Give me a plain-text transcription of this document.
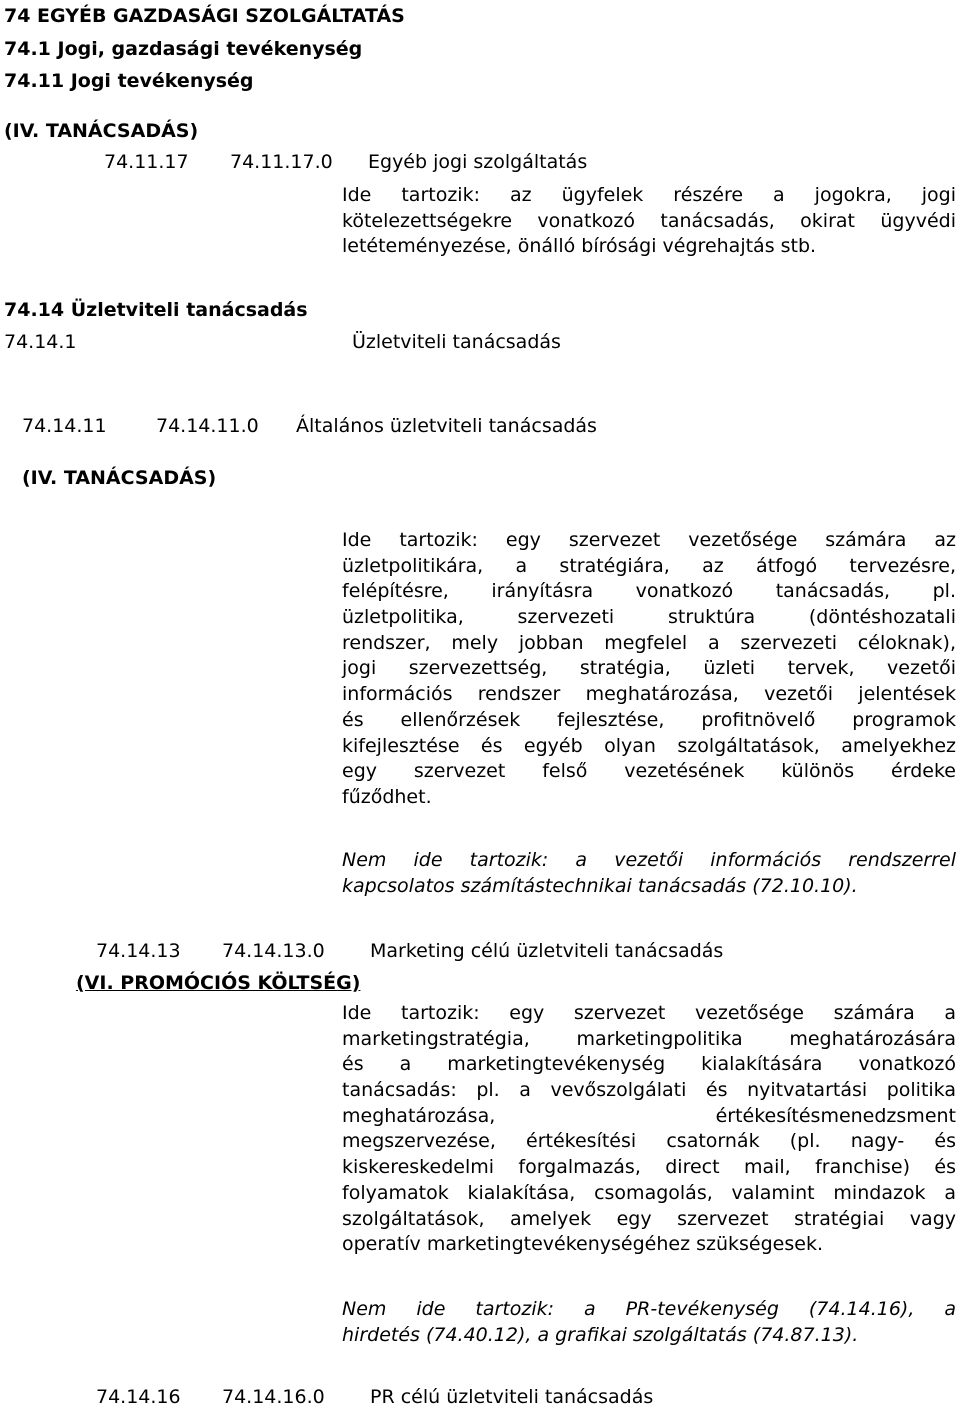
74 EGYÉB GAZDASÁGI SZOLGÁLTATÁS
74.1 Jogi, gazdasági tevékenység
74.11 Jogi tevékenység
(IV. TANÁCSADÁS)
74.11.17 74.11.17.0 Egyéb jogi szolgáltatás
Ide tartozik: az ügyfelek részére a jogokra, jogi
kötelezettségekre vonatkozó tanácsadás, okirat ügyvédi
letéteményezése, önálló bírósági végrehajtás stb.
74.14 Üzletviteli tanácsadás
74.14.1	Üzletviteli tanácsadás
74.14.11	74.14.11.0 Általános üzletviteli tanácsadás
(IV. TANÁCSADÁS)
Ide tartozik: egy szervezet vezetősége számára az
üzletpolitikára, a stratégiára, az átfogó tervezésre,
felépítésre, irányításra vonatkozó tanácsadás, pl.
üzletpolitika, szervezeti struktúra (döntéshozatali
rendszer, mely jobban megfelel a szervezeti céloknak),
jogi szervezettség, stratégia, üzleti tervek, vezetői
információs rendszer meghatározása, vezetői jelentések
és ellenőrzések fejlesztése, profitnövelő programok
kifejlesztése és egyéb olyan szolgáltatások, amelyekhez
egy szervezet felső vezetésének különös érdeke
fűződhet.
Nem ide tartozik: a vezetői információs rendszerrel
kapcsolatos számítástechnikai tanácsadás (72.10.10).
74.14.13 74.14.13.0 Marketing célú üzletviteli tanácsadás
(VI. PROMÓCIÓS KÖLTSÉG)
Ide tartozik: egy szervezet vezetősége számára a
marketingstratégia, marketingpolitika meghatározására
és a marketingtevékenység kialakítására vonatkozó
tanácsadás: pl. a vevőszolgálati és nyitvatartási politika
meghatározása, értékesítésmenedzsment
megszervezése, értékesítési csatornák (pl. nagy- és
kiskereskedelmi forgalmazás, direct mail, franchise) és
folyamatok kialakítása, csomagolás, valamint mindazok a
szolgáltatások, amelyek egy szervezet stratégiai vagy
operatív marketingtevékenységéhez szükségesek.
Nem ide tartozik: a PR-tevékenység (74.14.16), a
hirdetés (74.40.12), a grafikai szolgáltatás (74.87.13).
74.14.16 74.14.16.0 PR célú üzletviteli tanácsadás
